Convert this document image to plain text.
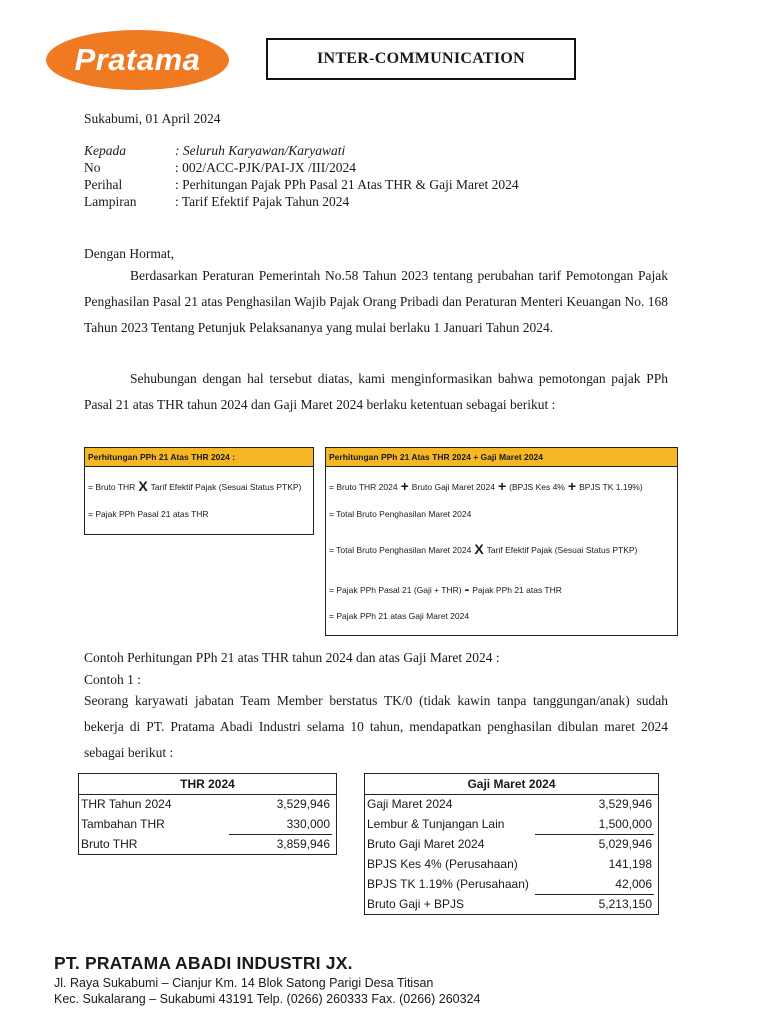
Pratama	INTER-COMMUNICATION
Sukabumi, 01 April 2024
Kepada	: Seluruh Karyawan/Karyawati
No	: 002/ACC-PJK/PAI-JX /III/2024
Perihal	: Perhitungan Pajak PPh Pasal 21 Atas THR & Gaji Maret 2024
Lampiran	: Tarif Efektif Pajak Tahun 2024
Dengan Hormat,
Berdasarkan Peraturan Pemerintah No.58 Tahun 2023 tentang perubahan tarif Pemotongan Pajak Penghasilan Pasal 21 atas Penghasilan Wajib Pajak Orang Pribadi dan Peraturan Menteri Keuangan No. 168 Tahun 2023 Tentang Petunjuk Pelaksananya yang mulai berlaku 1 Januari Tahun 2024.
Sehubungan dengan hal tersebut diatas, kami menginformasikan bahwa pemotongan pajak PPh Pasal 21 atas THR tahun 2024 dan Gaji Maret 2024 berlaku ketentuan sebagai berikut :
Perhitungan PPh 21 Atas THR 2024 :
= Bruto THR X Tarif Efektif Pajak (Sesuai Status PTKP)
= Pajak PPh Pasal 21 atas THR
Perhitungan PPh 21 Atas THR 2024 + Gaji Maret 2024
= Bruto THR 2024 + Bruto Gaji Maret 2024 + (BPJS Kes 4% + BPJS TK 1.19%)
= Total Bruto Penghasilan Maret 2024
= Total Bruto Penghasilan Maret 2024 X Tarif Efektif Pajak (Sesuai Status PTKP)
= Pajak PPh Pasal 21 (Gaji + THR) - Pajak PPh 21 atas THR
= Pajak PPh 21 atas Gaji Maret 2024
Contoh Perhitungan PPh 21 atas THR tahun 2024 dan atas Gaji Maret 2024 :
Contoh 1 :
Seorang karyawati jabatan Team Member berstatus TK/0 (tidak kawin tanpa tanggungan/anak) sudah bekerja di PT. Pratama Abadi Industri selama 10 tahun, mendapatkan penghasilan dibulan maret 2024 sebagai berikut :
THR 2024
THR Tahun 2024	3,529,946
Tambahan THR	330,000
Bruto THR	3,859,946
Gaji Maret 2024
Gaji Maret 2024	3,529,946
Lembur & Tunjangan Lain	1,500,000
Bruto Gaji Maret 2024	5,029,946
BPJS Kes 4% (Perusahaan)	141,198
BPJS TK 1.19% (Perusahaan)	42,006
Bruto Gaji + BPJS	5,213,150
PT. PRATAMA ABADI INDUSTRI JX.
Jl. Raya Sukabumi – Cianjur Km. 14 Blok Satong Parigi Desa Titisan
Kec. Sukalarang – Sukabumi 43191 Telp. (0266) 260333 Fax. (0266) 260324
